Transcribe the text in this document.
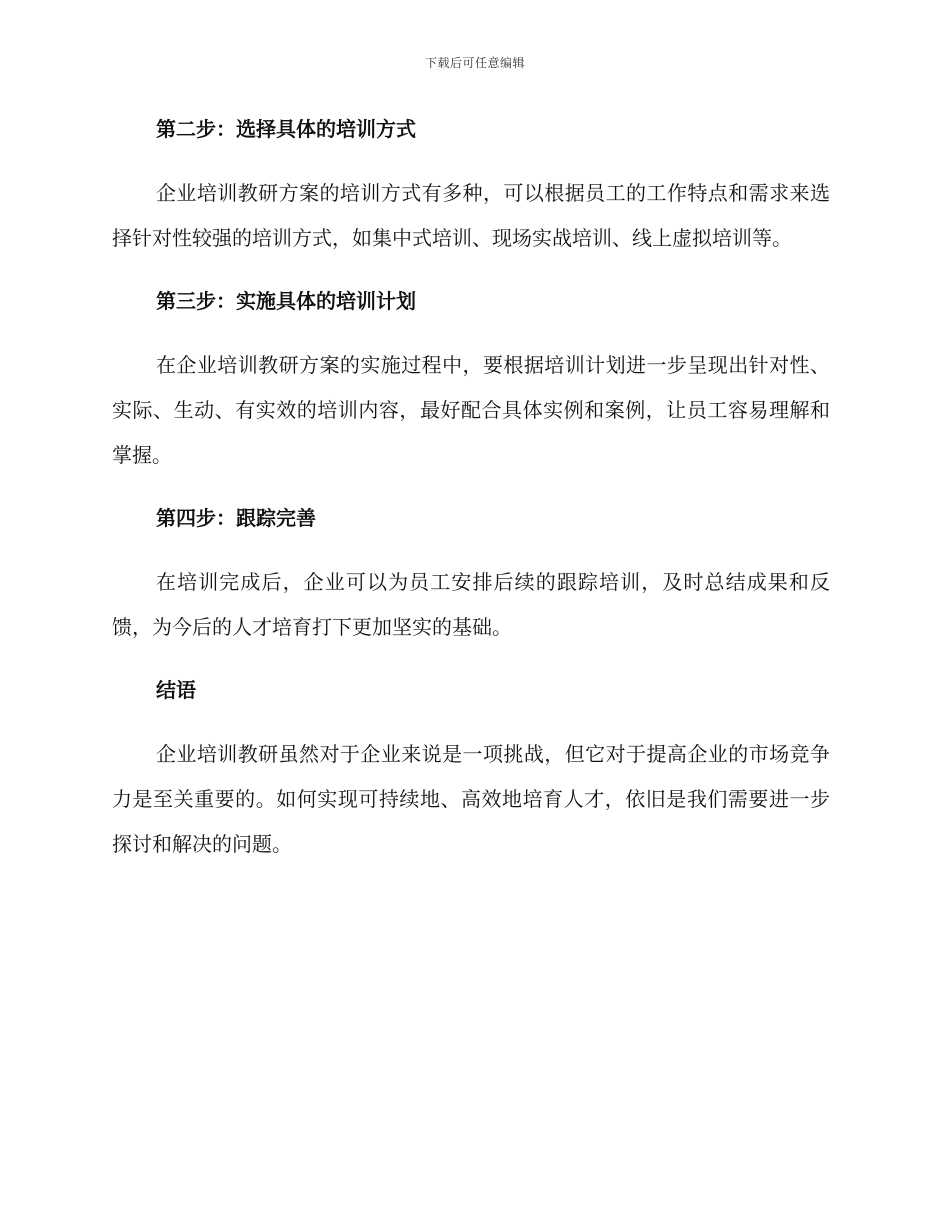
下载后可任意编辑
第二步：选择具体的培训方式

企业培训教研方案的培训方式有多种，可以根据员工的工作特点和需求来选择针对性较强的培训方式，如集中式培训、现场实战培训、线上虚拟培训等。

第三步：实施具体的培训计划

在企业培训教研方案的实施过程中，要根据培训计划进一步呈现出针对性、实际、生动、有实效的培训内容，最好配合具体实例和案例，让员工容易理解和掌握。

第四步：跟踪完善

在培训完成后，企业可以为员工安排后续的跟踪培训，及时总结成果和反馈，为今后的人才培育打下更加坚实的基础。

结语

企业培训教研虽然对于企业来说是一项挑战，但它对于提高企业的市场竞争力是至关重要的。如何实现可持续地、高效地培育人才，依旧是我们需要进一步探讨和解决的问题。
